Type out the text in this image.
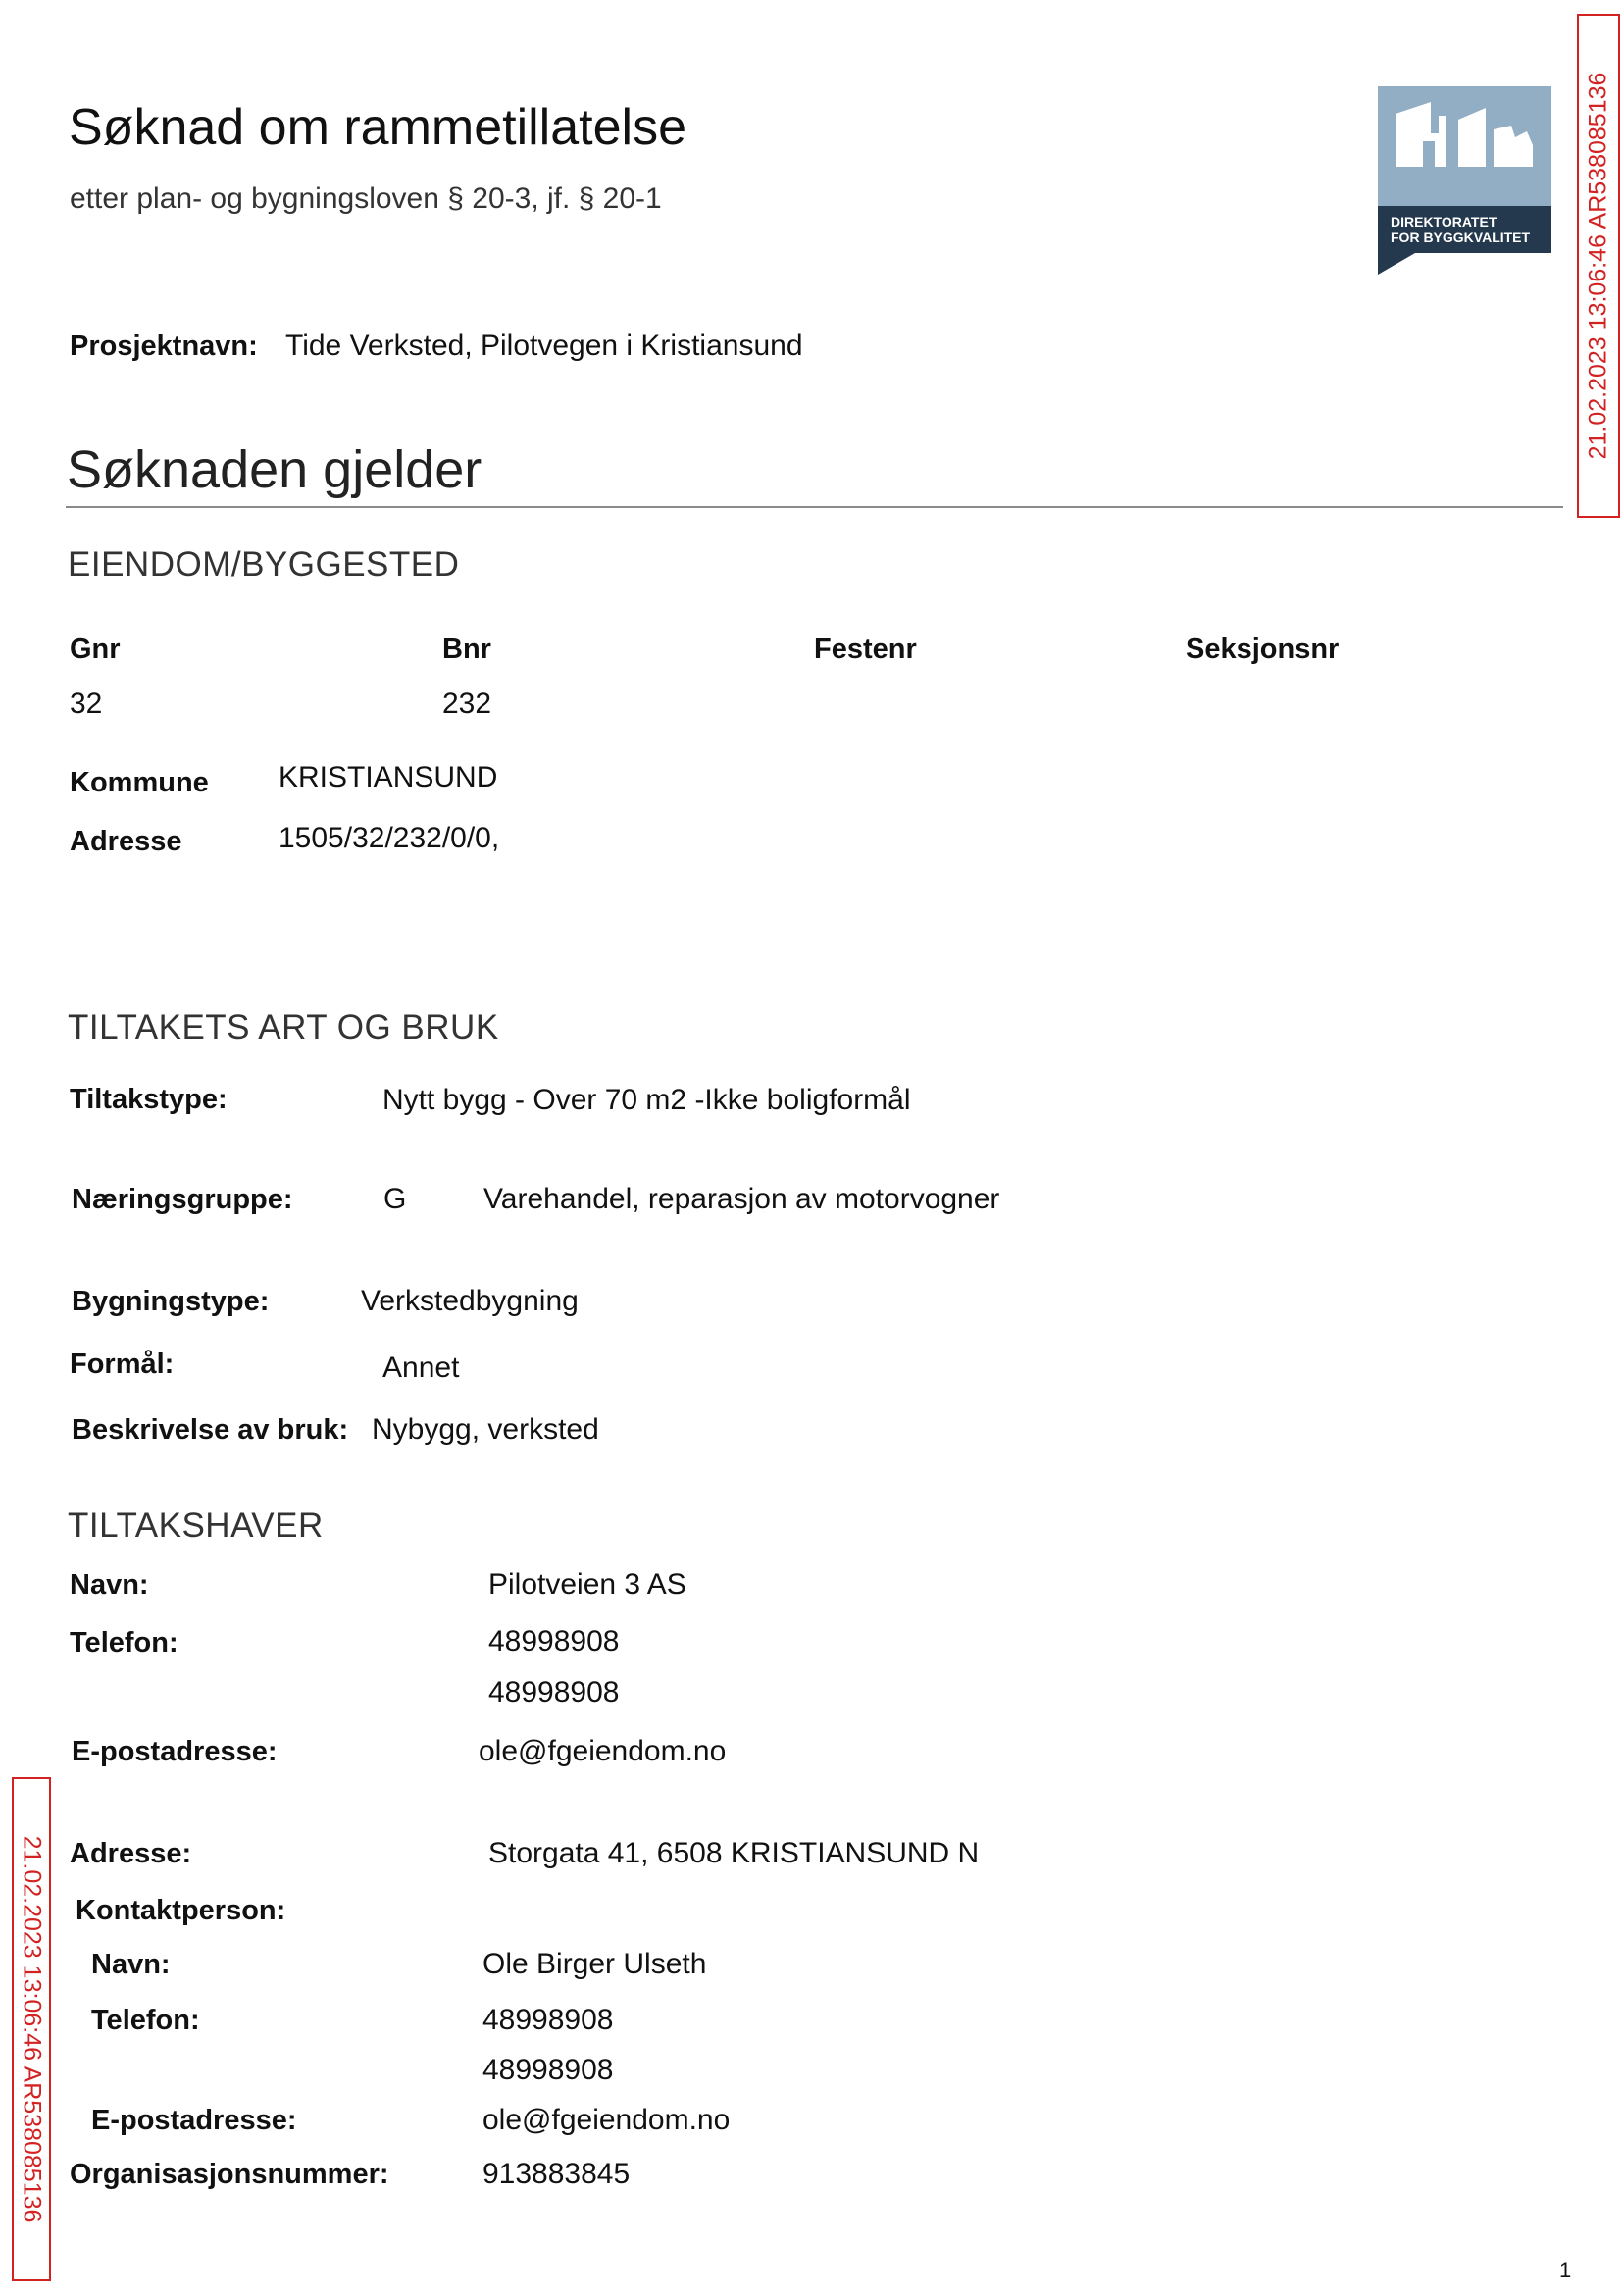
Søknad om rammetillatelse
etter plan- og bygningsloven § 20-3, jf. § 20-1
DIREKTORATET
FOR BYGGKVALITET	21.02.2023 13:06:46 AR538085136
Prosjektnavn: Tide Verksted, Pilotvegen i Kristiansund
Søknaden gjelder
EIENDOM/BYGGESTED
Gnr	Bnr	Festenr	Seksjonsnr
32	232
Kommune KRISTIANSUND
Adresse	1505/32/232/0/0,
TILTAKETS ART OG BRUK
Tiltakstype:	Nytt bygg - Over 70 m2 -Ikke boligformål
Næringsgruppe:	G	Varehandel, reparasjon av motorvogner
Bygningstype:	Verkstedbygning
Formål:	Annet
Beskrivelse av bruk: Nybygg, verksted
TILTAKSHAVER
Navn:	Pilotveien 3 AS
Telefon:	48998908
48998908
E-postadresse:	ole@fgeiendom.no
Adresse:	Storgata 41, 6508 KRISTIANSUND N
Kontaktperson:
Navn:	Ole Birger Ulseth
Telefon:	48998908
48998908
E-postadresse:	ole@fgeiendom.no
Organisasjonsnummer:	913883845
21.02.2023 13:06:46 AR538085136
1
